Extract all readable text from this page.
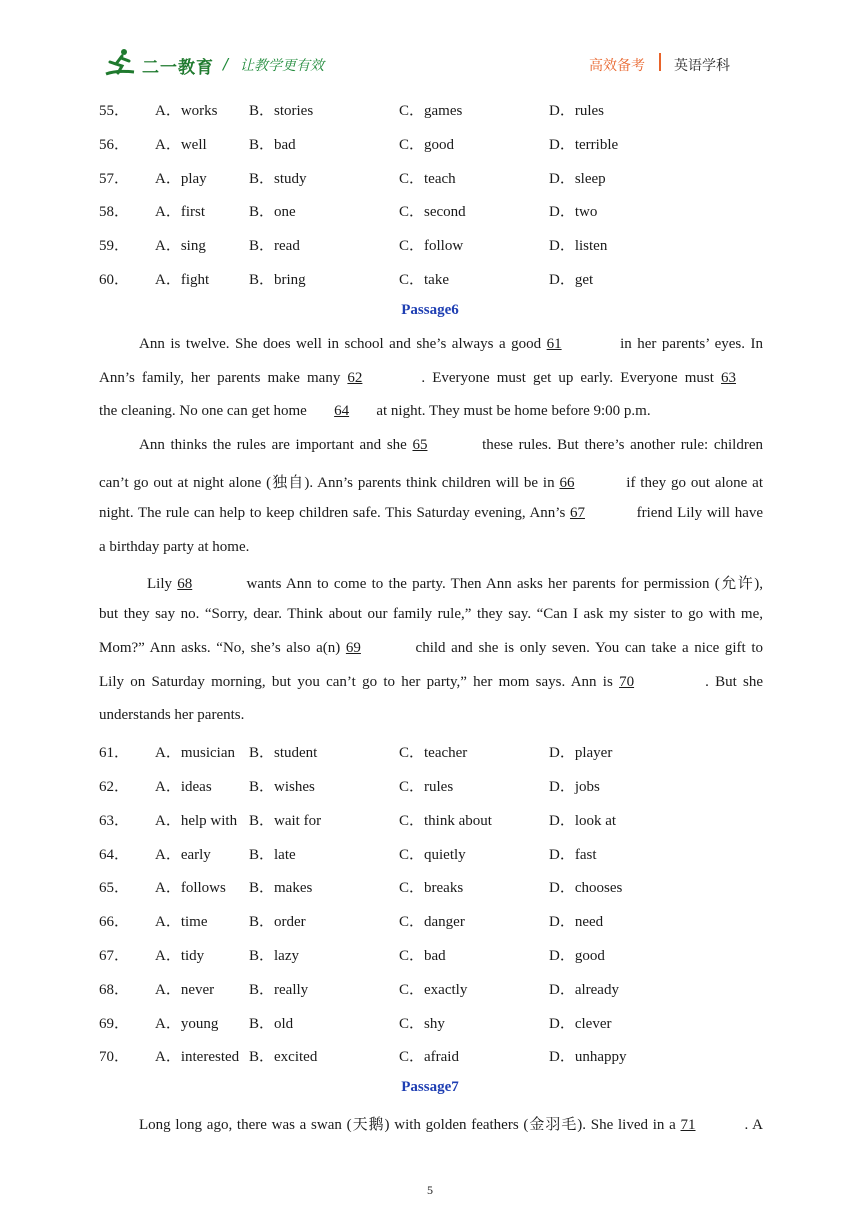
二一教育 / 让教学更有效	高效备考 英语学科
55． A．works B．stories	C．games	D．rules
56． A．well	B．bad	C．good	D．terrible
57． A．play	B．study	C．teach	D．sleep
58． A．first	B．one	C．second	D．two
59． A．sing	B．read	C．follow	D．listen
60． A．fight	B．bring	C．take	D．get
Passage6
Ann is twelve. She does well in school and she’s always a good 61	in her parents’ eyes. In
Ann’s family, her parents make many 62	. Everyone must get up early. Everyone must 63
the cleaning. No one can get home 64 at night. They must be home before 9:00 p.m.
Ann thinks the rules are important and she 65	these rules. But there’s another rule: children
can’t go out at night alone (独自). Ann’s parents think children will be in 66	if they go out alone at
night. The rule can help to keep children safe. This Saturday evening, Ann’s 67	friend Lily will have
a birthday party at home.
Lily 68	wants Ann to come to the party. Then Ann asks her parents for permission (允许),
but they say no. “Sorry, dear. Think about our family rule,” they say. “Can I ask my sister to go with me,
Mom?” Ann asks. “No, she’s also a(n) 69	child and she is only seven. You can take a nice gift to
Lily on Saturday morning, but you can’t go to her party,” her mom says. Ann is 70	. But she
understands her parents.
61． A．musician B．student	C．teacher	D．player
62． A．ideas B．wishes	C．rules	D．jobs
63． A．help with B．wait for	C．think about	D．look at
64． A．early	B．late	C．quietly	D．fast
65． A．follows B．makes	C．breaks	D．chooses
66． A．time	B．order	C．danger	D．need
67． A．tidy	B．lazy	C．bad	D．good
68． A．never B．really	C．exactly	D．already
69． A．young B．old	C．shy	D．clever
70． A．interested B．excited	C．afraid	D．unhappy
Passage7
Long long ago, there was a swan (天鹅) with golden feathers (金羽毛). She lived in a 71	. A
5
